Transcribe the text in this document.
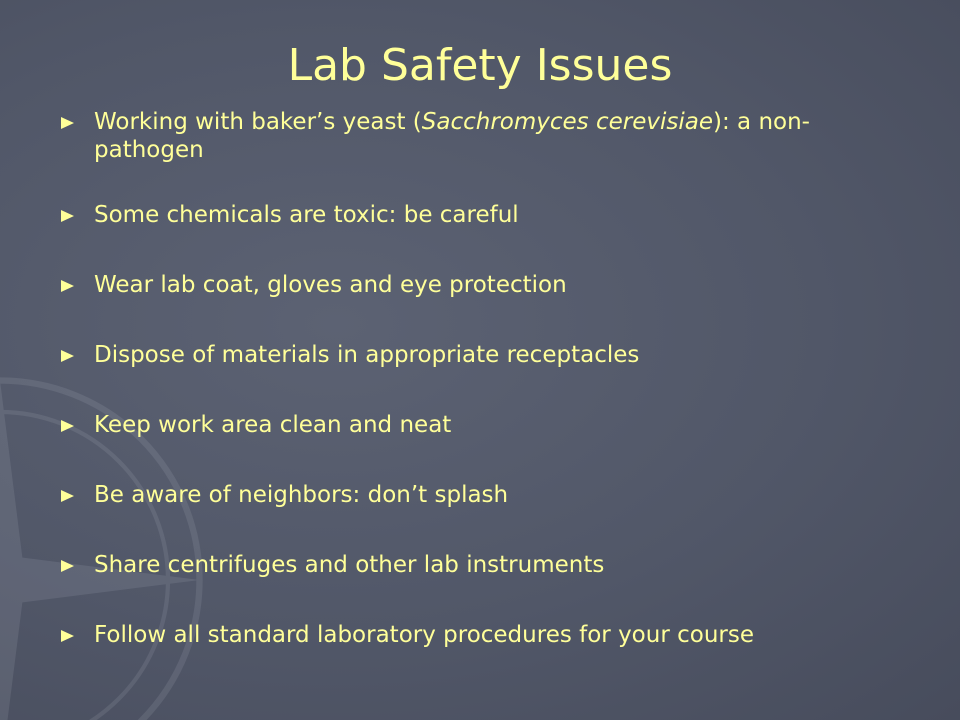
Lab Safety Issues
Working with baker’s yeast (Sacchromyces cerevisiae): a non-pathogen
Some chemicals are toxic: be careful
Wear lab coat, gloves and eye protection
Dispose of materials in appropriate receptacles
Keep work area clean and neat
Be aware of neighbors: don’t splash
Share centrifuges and other lab instruments
Follow all standard laboratory procedures for your course
